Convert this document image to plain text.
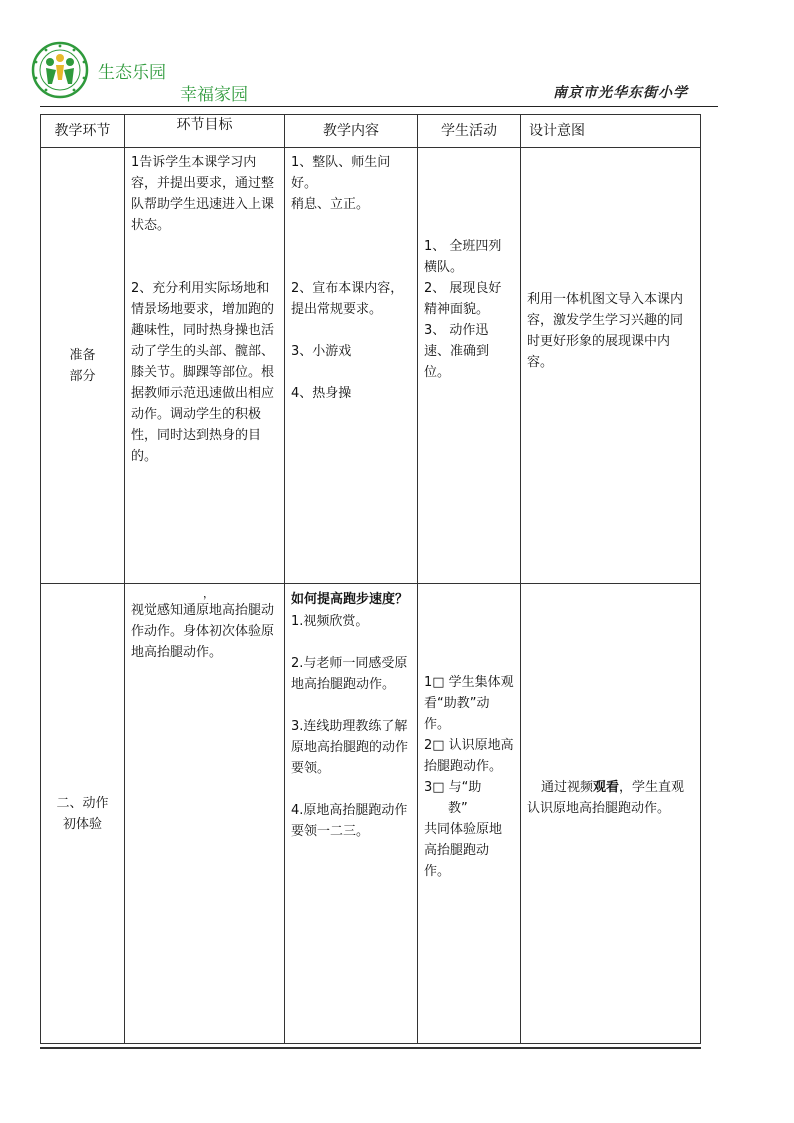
生态乐园
幸福家园	南京市光华东街小学
教学环节	环节目标	教学内容	学生活动	设计意图

准备
部分	1告诉学生本课学习内容，并提出要求，通过整队帮助学生迅速进入上课状态。
2、充分利用实际场地和情景场地要求，增加跑的趣味性，同时热身操也活动了学生的头部、髋部、膝关节。脚踝等部位。根据教师示范迅速做出相应动作。调动学生的积极性，同时达到热身的目的。	1、整队、师生问好。
稍息、立正。
2、宣布本课内容，提出常规要求。
3、小游戏
4、热身操	1、 全班四列横队。
2、 展现良好精神面貌。
3、 动作迅速、准确到位。	利用一体机图文导入本课内容，激发学生学习兴趣的同时更好形象的展现课中内容。

二、动作
初体验	，
视觉感知通原地高抬腿动作动作。身体初次体验原地高抬腿动作。	如何提高跑步速度？
1.视频欣赏。
2.与老师一同感受原地高抬腿跑动作。
3.连线助理教练了解原地高抬腿跑的动作要领。
4.原地高抬腿跑动作要领一二三。	1□ 学生集体观看“助教”动作。
2□ 认识原地高抬腿跑动作。
3□ 与“助
教”
共同体验原地高抬腿跑动作。	通过视频观看，学生直观认识原地高抬腿跑动作。
